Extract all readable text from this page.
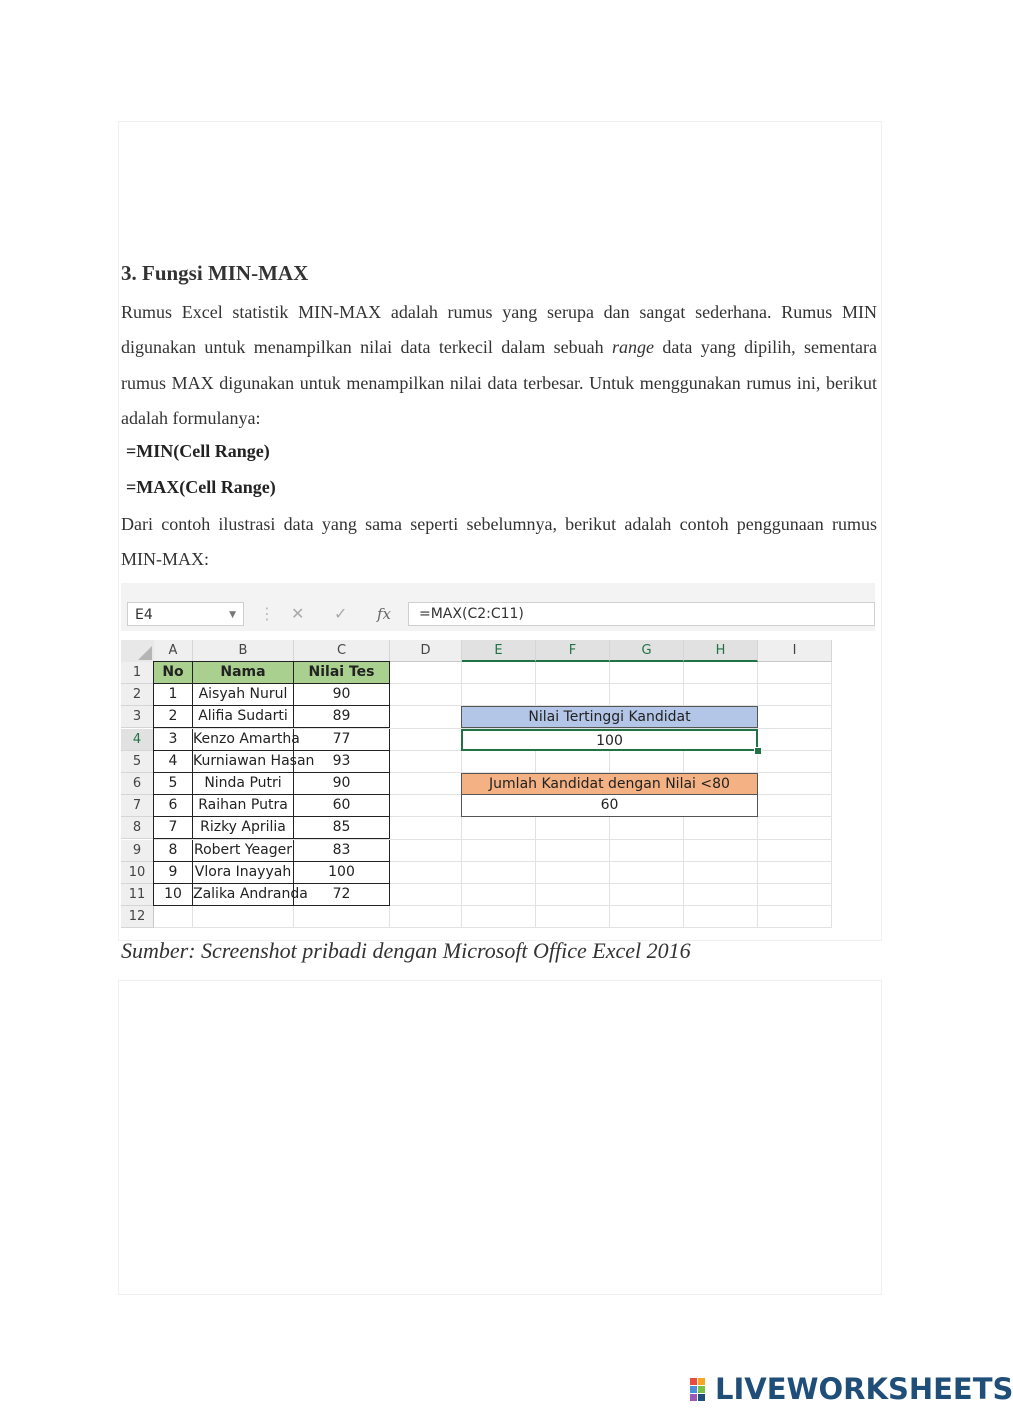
3. Fungsi MIN-MAX
Rumus Excel statistik MIN-MAX adalah rumus yang serupa dan sangat sederhana. Rumus MIN digunakan untuk menampilkan nilai data terkecil dalam sebuah range data yang dipilih, sementara rumus MAX digunakan untuk menampilkan nilai data terbesar. Untuk menggunakan rumus ini, berikut adalah formulanya:
=MIN(Cell Range)
=MAX(Cell Range)
Dari contoh ilustrasi data yang sama seperti sebelumnya, berikut adalah contoh penggunaan rumus MIN-MAX:
E4	▼ ⋮ ✕ ✓ fx	=MAX(C2:C11)
A	B	C	D	E	F	G	H	I
1
2
3
4
5
6
7
8
9
10
11
12
No	Nama	Nilai Tes
1	Aisyah Nurul	90
2	Alifia Sudarti	89
3	Kenzo Amartha	77
4	Kurniawan Hasan	93
5	Ninda Putri	90
6	Raihan Putra	60
7	Rizky Aprilia	85
8	Robert Yeager	83
9	Vlora Inayyah	100
10 Zalika Andranda	72
Nilai Tertinggi Kandidat
100
Jumlah Kandidat dengan Nilai <80
60
Sumber: Screenshot pribadi dengan Microsoft Office Excel 2016
LIVEWORKSHEETS
